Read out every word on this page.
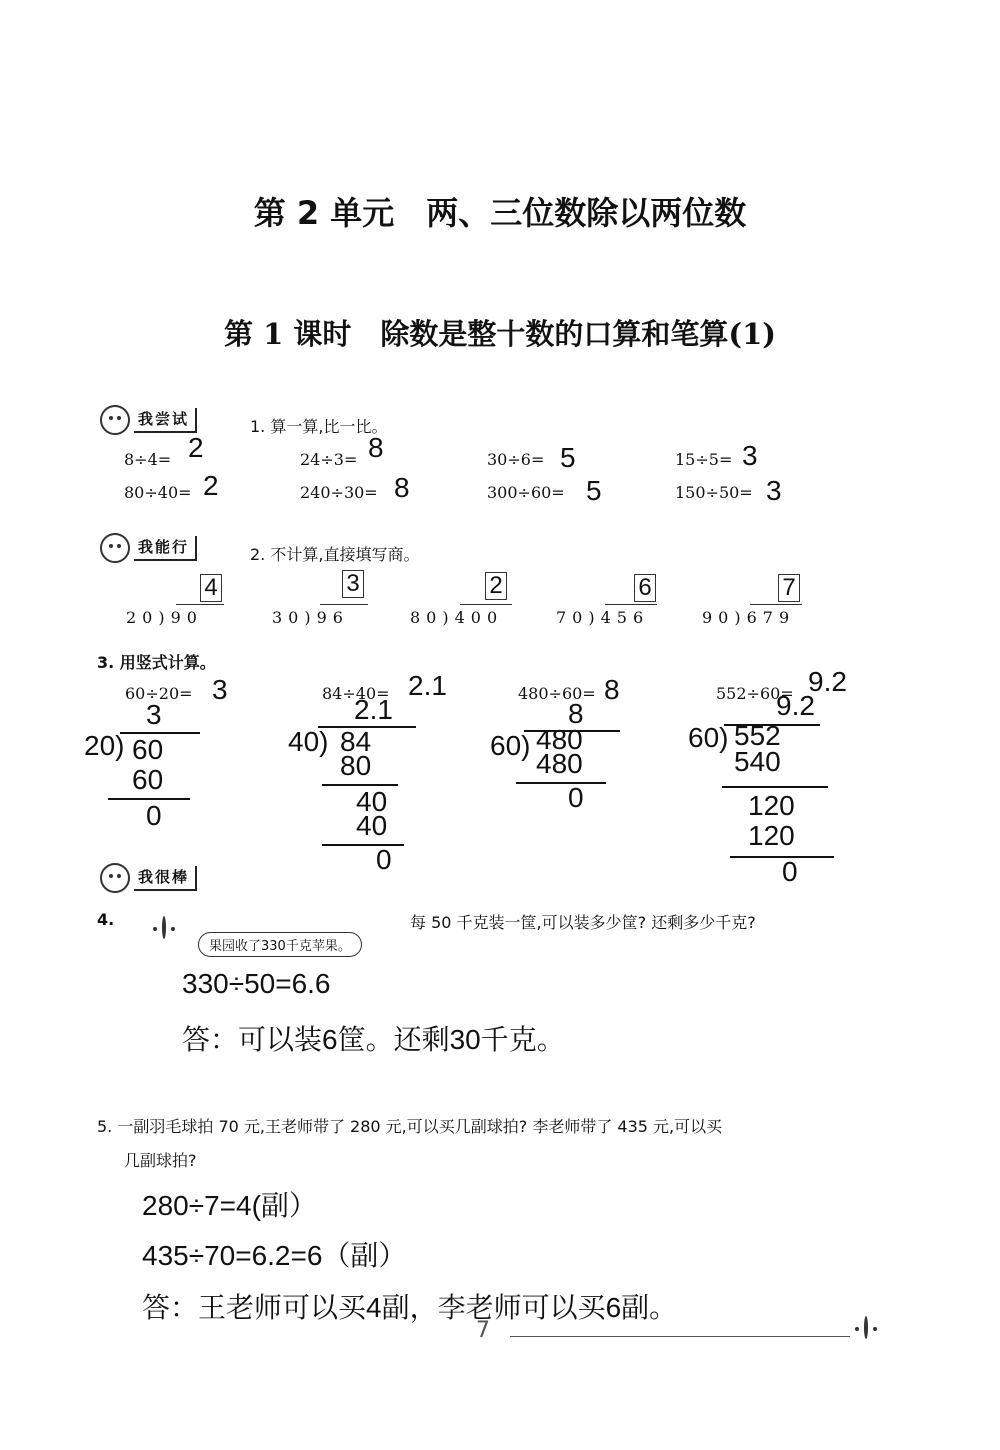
第 2 单元　两、三位数除以两位数
第 1 课时　除数是整十数的口算和笔算(1)
我尝试	1. 算一算,比一比。
8÷4= 2	24÷3= 8	30÷6= 5	15÷5= 3
80÷40= 2	240÷30= 8	300÷60= 5	150÷50= 3
我能行	2. 不计算,直接填写商。
4
20)90
3
30)96
2
80)400
6
70)456
7
90)679
3. 用竖式计算。
60÷20= 3
3
20) 60
60
0
84÷40= 2.1
2.1
40) 84
80
40
40
0
480÷60= 8
8
60) 480
480
0
552÷60= 9.2
9.2
60) 552
540
120
120
0
我很棒
4.
果园收了330千克苹果。
每 50 千克装一筐,可以装多少筐? 还剩多少千克?
330÷50=6.6
答：可以装6筐。还剩30千克。
5. 一副羽毛球拍 70 元,王老师带了 280 元,可以买几副球拍? 李老师带了 435 元,可以买
几副球拍?
280÷7=4(副）
435÷70=6.2=6（副）
答：王老师可以买4副，李老师可以买6副。
7
